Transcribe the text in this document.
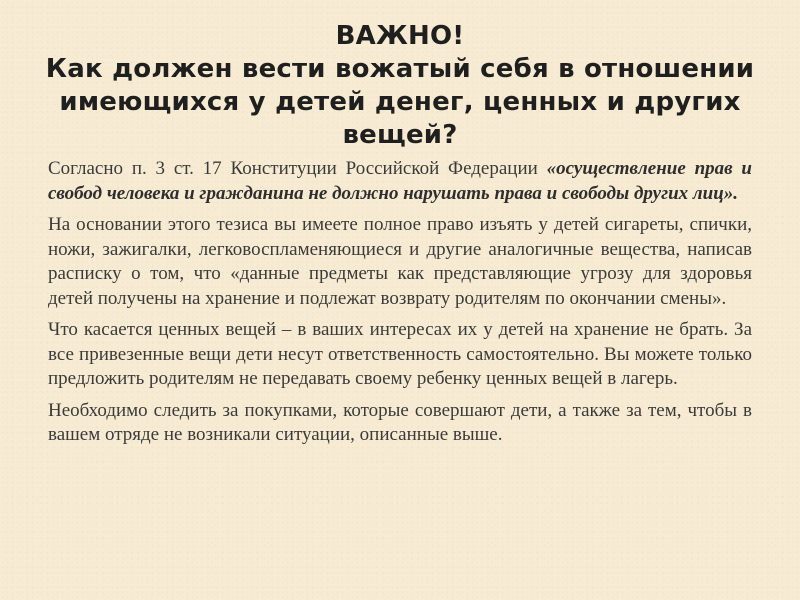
ВАЖНО!
Как должен вести вожатый себя в отношении имеющихся у детей денег, ценных и других вещей?

Согласно п. 3 ст. 17 Конституции Российской Федерации «осуществление прав и свобод человека и гражданина не должно нарушать права и свободы других лиц».

На основании этого тезиса вы имеете полное право изъять у детей сигареты, спички, ножи, зажигалки, легковоспламеняющиеся и другие аналогичные вещества, написав расписку о том, что «данные предметы как представляющие угрозу для здоровья детей получены на хранение и подлежат возврату родителям по окончании смены».

Что касается ценных вещей – в ваших интересах их у детей на хранение не брать. За все привезенные вещи дети несут ответственность самостоятельно. Вы можете только предложить родителям не передавать своему ребенку ценных вещей в лагерь.

Необходимо следить за покупками, которые совершают дети, а также за тем, чтобы в вашем отряде не возникали ситуации, описанные выше.
